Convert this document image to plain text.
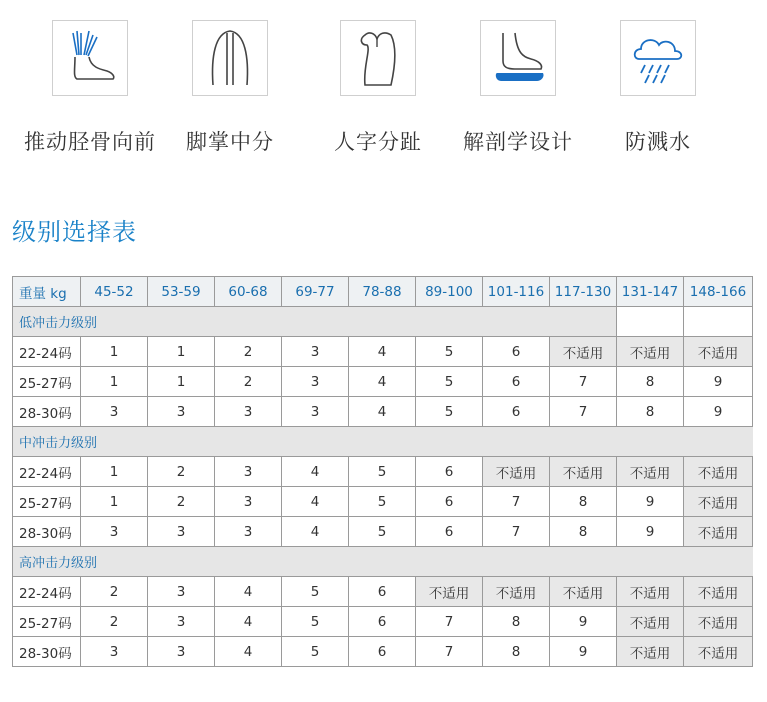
推动胫骨向前	脚掌中分	人字分趾	解剖学设计	防溅水
级别选择表
重量 kg	45-52	53-59	60-68	69-77	78-88	89-100	101-116	117-130	131-147	148-166
低冲击力级别										
22-24码	1	1	2	3	4	5	6	不适用	不适用	不适用
25-27码	1	1	2	3	4	5	6	7	8	9
28-30码	3	3	3	3	4	5	6	7	8	9
中冲击力级别										
22-24码	1	2	3	4	5	6	不适用	不适用	不适用	不适用
25-27码	1	2	3	4	5	6	7	8	9	不适用
28-30码	3	3	3	4	5	6	7	8	9	不适用
高冲击力级别										
22-24码	2	3	4	5	6	不适用	不适用	不适用	不适用	不适用
25-27码	2	3	4	5	6	7	8	9	不适用	不适用
28-30码	3	3	4	5	6	7	8	9	不适用	不适用
